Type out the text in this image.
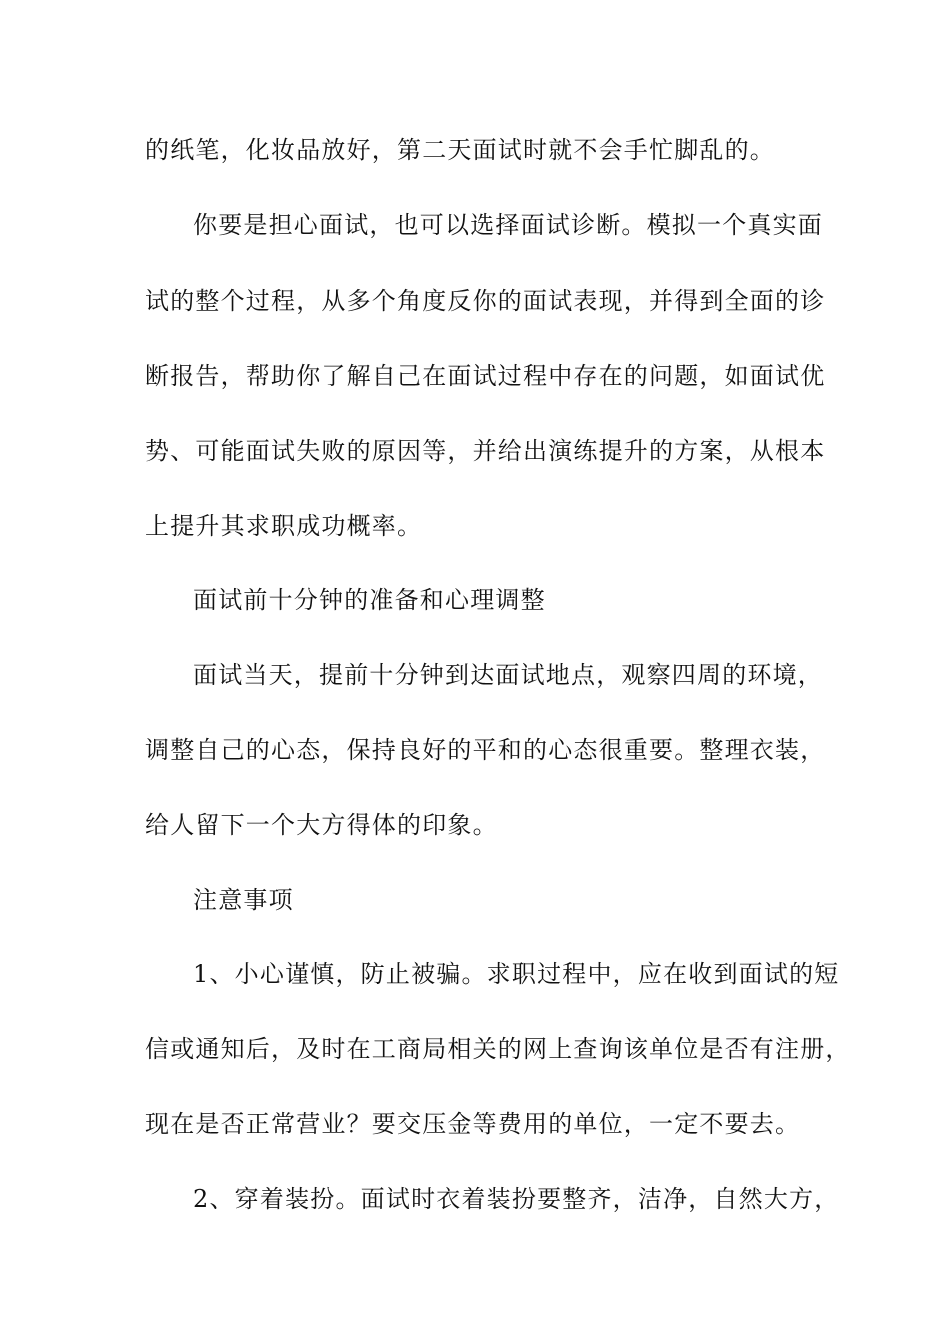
的纸笔，化妆品放好，第二天面试时就不会手忙脚乱的。
你要是担心面试，也可以选择面试诊断。模拟一个真实面
试的整个过程，从多个角度反你的面试表现，并得到全面的诊
断报告，帮助你了解自己在面试过程中存在的问题，如面试优
势、可能面试失败的原因等，并给出演练提升的方案，从根本
上提升其求职成功概率。
面试前十分钟的准备和心理调整
面试当天，提前十分钟到达面试地点，观察四周的环境，
调整自己的心态，保持良好的平和的心态很重要。整理衣装，
给人留下一个大方得体的印象。
注意事项
1、小心谨慎，防止被骗。求职过程中，应在收到面试的短
信或通知后，及时在工商局相关的网上查询该单位是否有注册，
现在是否正常营业？要交压金等费用的单位，一定不要去。
2、穿着装扮。面试时衣着装扮要整齐，洁净，自然大方，
